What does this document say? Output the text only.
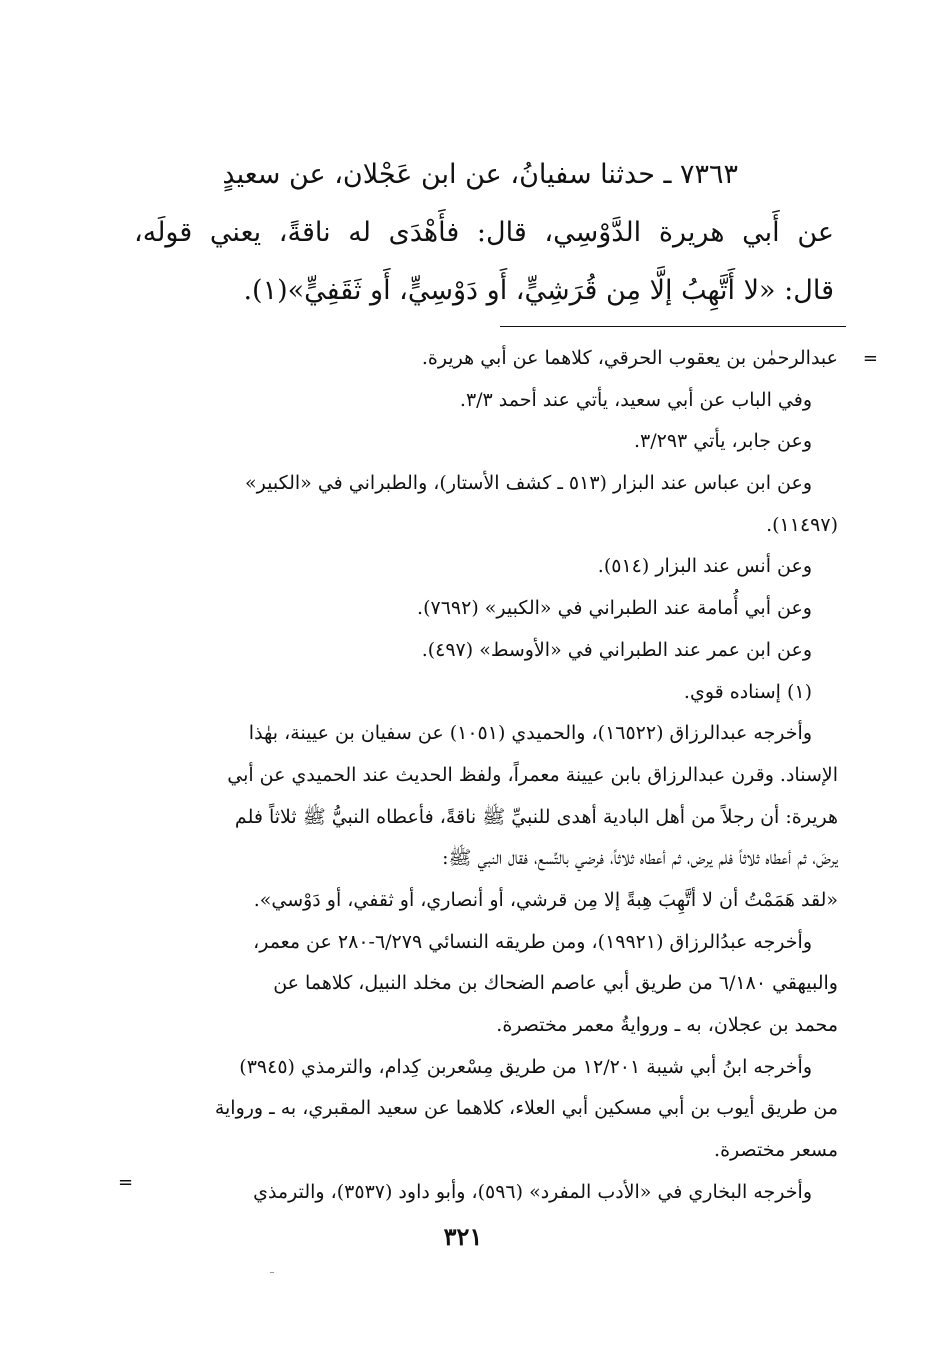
٧٣٦٣ ـ حدثنا سفيانُ، عن ابن عَجْلان، عن سعيدٍ
عن أَبي هريرة الدَّوْسِي، قال: فأَهْدَى له ناقةً، يعني قولَه،
قال: «لا أَتَّهِبُ إلَّا مِن قُرَشِيٍّ، أَو دَوْسِيٍّ، أَو ثَقَفِيٍّ»(١).
=
عبدالرحمٰن بن يعقوب الحرقي، كلاهما عن أبي هريرة.
وفي الباب عن أبي سعيد، يأتي عند أحمد ٣/٣.
وعن جابر، يأتي ٣/٢٩٣.
وعن ابن عباس عند البزار (٥١٣ ـ كشف الأستار)، والطبراني في «الكبير»
(١١٤٩٧).
وعن أنس عند البزار (٥١٤).
وعن أبي أُمامة عند الطبراني في «الكبير» (٧٦٩٢).
وعن ابن عمر عند الطبراني في «الأوسط» (٤٩٧).
(١) إسناده قوي.
وأخرجه عبدالرزاق (١٦٥٢٢)، والحميدي (١٠٥١) عن سفيان بن عيينة، بهٰذا
الإسناد. وقرن عبدالرزاق بابن عيينة معمراً، ولفظ الحديث عند الحميدي عن أبي
هريرة: أن رجلاً من أهل البادية أهدى للنبيِّ ﷺ ناقةً، فأعطاه النبيُّ ﷺ ثلاثاً فلم
يرضَ، ثم أعطاه ثلاثاً فلم يرض، ثم أعطاه ثلاثاً، فرضي بالتِّسع، فقال النبي ﷺ:
«لقد هَمَمْتُ أن لا أتَّهِبَ هِبةً إلا مِن قرشي، أو أنصاري، أو ثقفي، أو دَوْسي».
وأخرجه عبدُالرزاق (١٩٩٢١)، ومن طريقه النسائي ٦/٢٧٩-٢٨٠ عن معمر،
والبيهقي ٦/١٨٠ من طريق أبي عاصم الضحاك بن مخلد النبيل، كلاهما عن
محمد بن عجلان، به ـ وروايةُ معمر مختصرة.
وأخرجه ابنُ أبي شيبة ١٢/٢٠١ من طريق مِسْعربن كِدام، والترمذي (٣٩٤٥)
من طريق أيوب بن أبي مسكين أبي العلاء، كلاهما عن سعيد المقبري، به ـ ورواية
مسعر مختصرة.
وأخرجه البخاري في «الأدب المفرد» (٥٩٦)، وأبو داود (٣٥٣٧)، والترمذي
=
٣٢١
